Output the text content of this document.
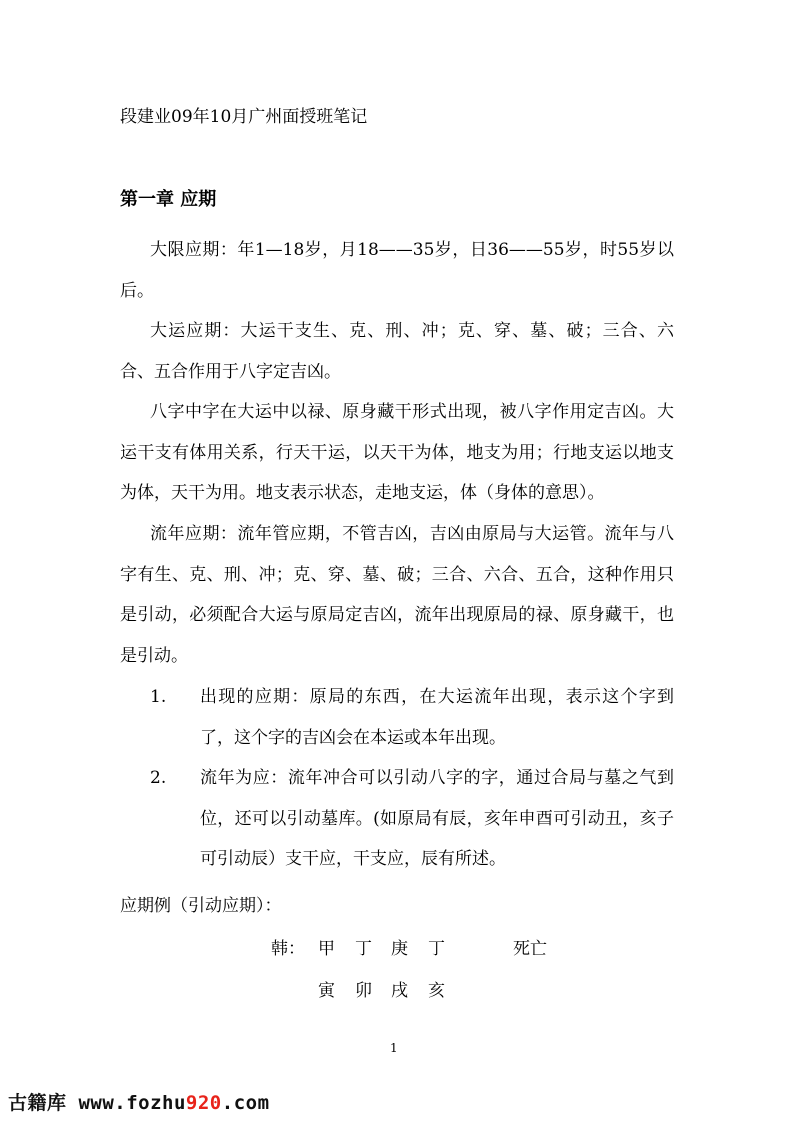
段建业09年10月广州面授班笔记
第一章 应期
大限应期：年1—18岁，月18——35岁，日36——55岁，时55岁以后。
大运应期：大运干支生、克、刑、冲；克、穿、墓、破；三合、六合、五合作用于八字定吉凶。
八字中字在大运中以禄、原身藏干形式出现，被八字作用定吉凶。大运干支有体用关系，行天干运，以天干为体，地支为用；行地支运以地支为体，天干为用。地支表示状态，走地支运，体（身体的意思）。
流年应期：流年管应期，不管吉凶，吉凶由原局与大运管。流年与八字有生、克、刑、冲；克、穿、墓、破；三合、六合、五合，这种作用只是引动，必须配合大运与原局定吉凶，流年出现原局的禄、原身藏干，也是引动。
1. 出现的应期：原局的东西，在大运流年出现，表示这个字到了，这个字的吉凶会在本运或本年出现。
2. 流年为应：流年冲合可以引动八字的字，通过合局与墓之气到位，还可以引动墓库。(如原局有辰，亥年申酉可引动丑，亥子可引动辰）支干应，干支应，辰有所述。
应期例（引动应期）：
韩： 甲 丁 庚 丁	死亡
寅 卯 戌 亥
1
古籍库 www.fozhu920.com
